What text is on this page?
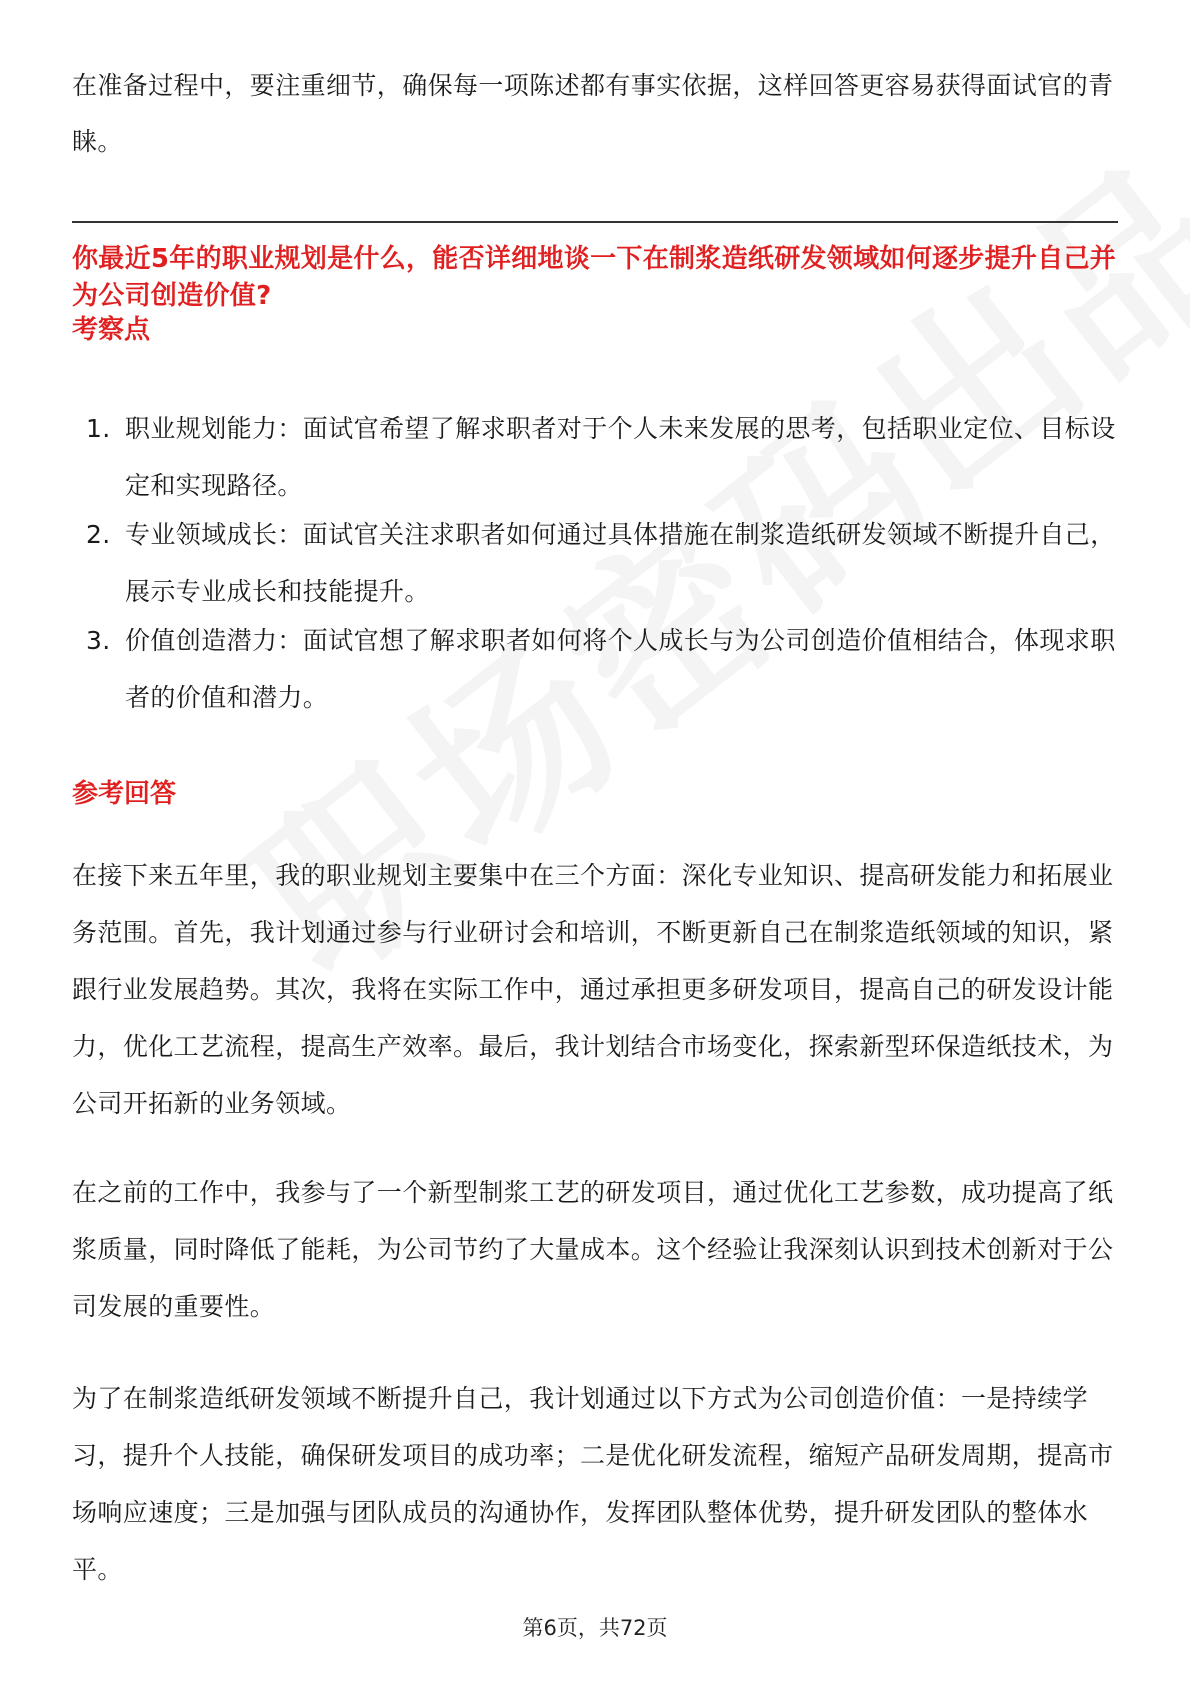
在准备过程中，要注重细节，确保每一项陈述都有事实依据，这样回答更容易获得面试官的青睐。
你最近5年的职业规划是什么，能否详细地谈一下在制浆造纸研发领域如何逐步提升自己并为公司创造价值?
考察点
1. 职业规划能力：面试官希望了解求职者对于个人未来发展的思考，包括职业定位、目标设定和实现路径。
2. 专业领域成长：面试官关注求职者如何通过具体措施在制浆造纸研发领域不断提升自己，展示专业成长和技能提升。
3. 价值创造潜力：面试官想了解求职者如何将个人成长与为公司创造价值相结合，体现求职者的价值和潜力。
参考回答
在接下来五年里，我的职业规划主要集中在三个方面：深化专业知识、提高研发能力和拓展业务范围。首先，我计划通过参与行业研讨会和培训，不断更新自己在制浆造纸领域的知识，紧跟行业发展趋势。其次，我将在实际工作中，通过承担更多研发项目，提高自己的研发设计能力，优化工艺流程，提高生产效率。最后，我计划结合市场变化，探索新型环保造纸技术，为公司开拓新的业务领域。
在之前的工作中，我参与了一个新型制浆工艺的研发项目，通过优化工艺参数，成功提高了纸浆质量，同时降低了能耗，为公司节约了大量成本。这个经验让我深刻认识到技术创新对于公司发展的重要性。
为了在制浆造纸研发领域不断提升自己，我计划通过以下方式为公司创造价值：一是持续学习，提升个人技能，确保研发项目的成功率；二是优化研发流程，缩短产品研发周期，提高市场响应速度；三是加强与团队成员的沟通协作，发挥团队整体优势，提升研发团队的整体水平。
第6页，共72页
